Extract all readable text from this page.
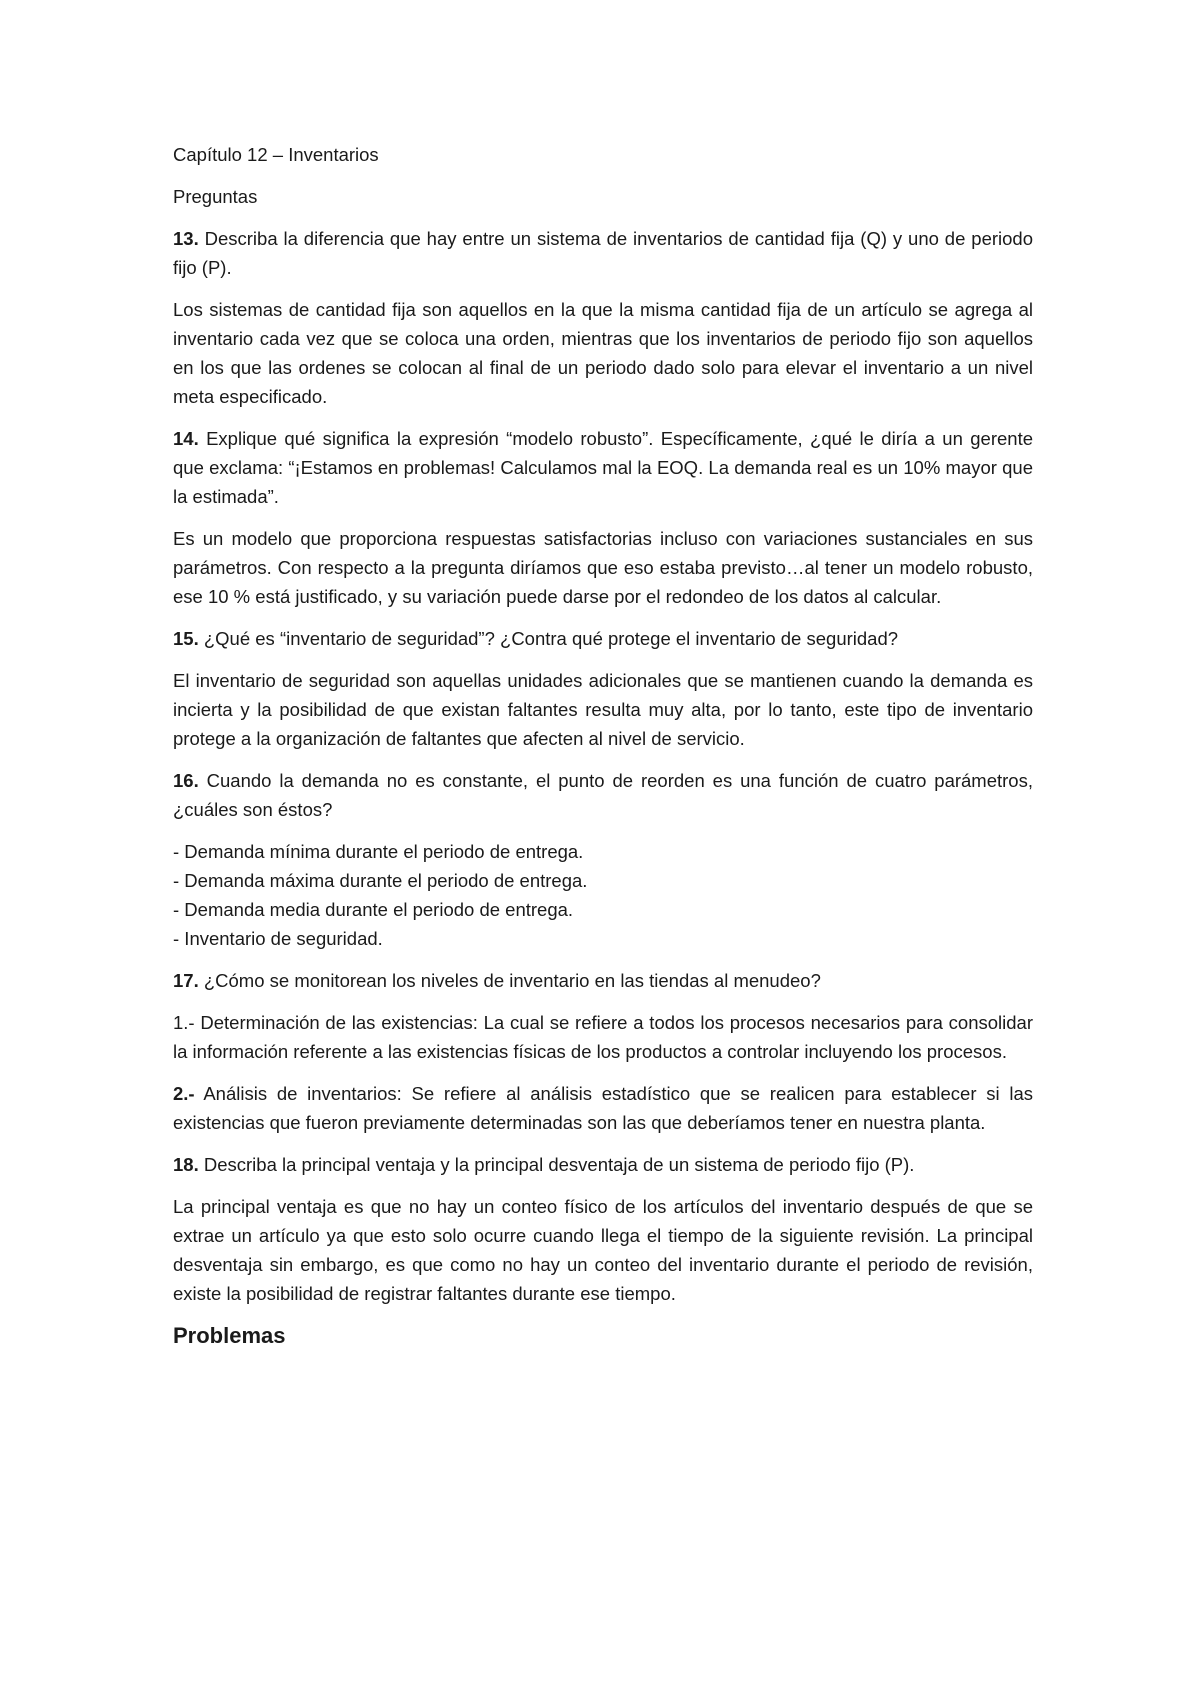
Capítulo 12 – Inventarios

Preguntas

13. Describa la diferencia que hay entre un sistema de inventarios de cantidad fija (Q) y uno de periodo fijo (P).

Los sistemas de cantidad fija son aquellos en la que la misma cantidad fija de un artículo se agrega al inventario cada vez que se coloca una orden, mientras que los inventarios de periodo fijo son aquellos en los que las ordenes se colocan al final de un periodo dado solo para elevar el inventario a un nivel meta especificado.

14. Explique qué significa la expresión “modelo robusto”. Específicamente, ¿qué le diría a un gerente que exclama: “¡Estamos en problemas! Calculamos mal la EOQ. La demanda real es un 10% mayor que la estimada”.

Es un modelo que proporciona respuestas satisfactorias incluso con variaciones sustanciales en sus parámetros. Con respecto a la pregunta diríamos que eso estaba previsto…al tener un modelo robusto, ese 10 % está justificado, y su variación puede darse por el redondeo de los datos al calcular.

15. ¿Qué es “inventario de seguridad”? ¿Contra qué protege el inventario de seguridad?

El inventario de seguridad son aquellas unidades adicionales que se mantienen cuando la demanda es incierta y la posibilidad de que existan faltantes resulta muy alta, por lo tanto, este tipo de inventario protege a la organización de faltantes que afecten al nivel de servicio.

16. Cuando la demanda no es constante, el punto de reorden es una función de cuatro parámetros, ¿cuáles son éstos?

- Demanda mínima durante el periodo de entrega.
- Demanda máxima durante el periodo de entrega.
- Demanda media durante el periodo de entrega.
- Inventario de seguridad.

17. ¿Cómo se monitorean los niveles de inventario en las tiendas al menudeo?

1.- Determinación de las existencias: La cual se refiere a todos los procesos necesarios para consolidar la información referente a las existencias físicas de los productos a controlar incluyendo los procesos.

2.- Análisis de inventarios: Se refiere al análisis estadístico que se realicen para establecer si las existencias que fueron previamente determinadas son las que deberíamos tener en nuestra planta.

18. Describa la principal ventaja y la principal desventaja de un sistema de periodo fijo (P).

La principal ventaja es que no hay un conteo físico de los artículos del inventario después de que se extrae un artículo ya que esto solo ocurre cuando llega el tiempo de la siguiente revisión. La principal desventaja sin embargo, es que como no hay un conteo del inventario durante el periodo de revisión, existe la posibilidad de registrar faltantes durante ese tiempo.

Problemas
